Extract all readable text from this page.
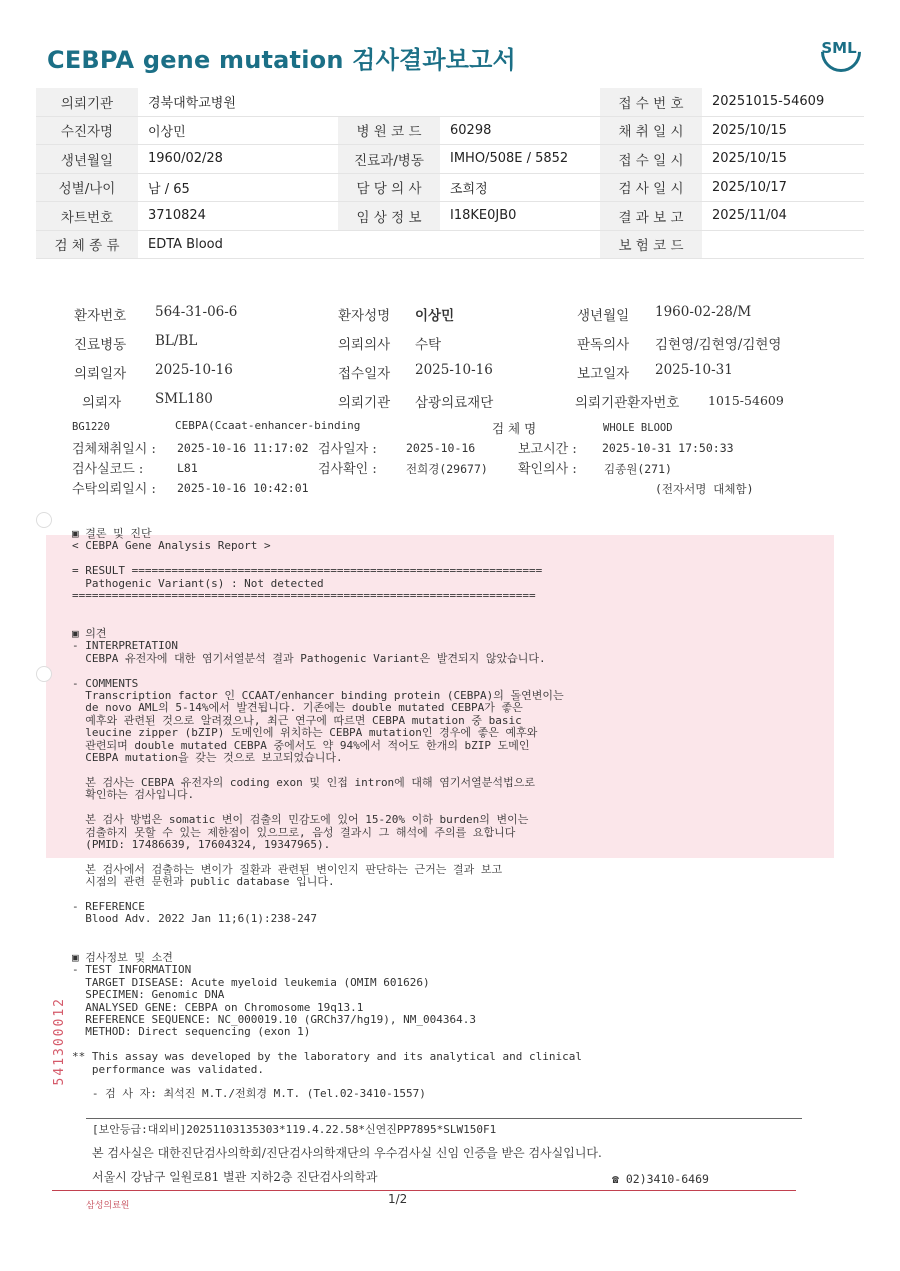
CEBPA gene mutation 검사결과보고서	SML
의뢰기관	경북대학교병원			접 수 번 호	20251015-54609
수진자명	이상민	병 원 코 드	60298	채 취 일 시	2025/10/15
생년월일	1960/02/28	진료과/병동	IMHO/508E / 5852	접 수 일 시	2025/10/15
성별/나이	남 / 65	담 당 의 사	조희정	검 사 일 시	2025/10/17
차트번호	3710824	임 상 정 보	I18KE0JB0	결 과 보 고	2025/11/04
검 체 종 류	EDTA Blood			보 험 코 드	
환자번호 564-31-06-6	환자성명 이상민	생년월일 1960-02-28/M
진료병동 BL/BL	의뢰의사 수탁	판독의사 김현영/김현영/김현영
의뢰일자 2025-10-16	접수일자 2025-10-16	보고일자 2025-10-31
의뢰자	SML180	의뢰기관 삼광의료재단	의뢰기관환자번호 1015-54609
BG1220	CEBPA(Ccaat-enhancer-binding	검 체 명	WHOLE BLOOD
검체채취일시 : 2025-10-16 11:17:02 검사일자 :	2025-10-16	보고시간 : 2025-10-31 17:50:33
검사실코드 :	L81	검사확인 :	전희경(29677) 확인의사 : 김종원(271)
수탁의뢰일시 : 2025-10-16 10:42:01	(전자서명 대체함)
▣ 결론 및 진단
< CEBPA Gene Analysis Report >

= RESULT ==============================================================
Pathogenic Variant(s) : Not detected
======================================================================
▣ 의견
- INTERPRETATION
CEBPA 유전자에 대한 염기서열분석 결과 Pathogenic Variant은 발견되지 않았습니다.

- COMMENTS
Transcription factor 인 CCAAT/enhancer binding protein (CEBPA)의 돌연변이는
de novo AML의 5-14%에서 발견됩니다. 기존에는 double mutated CEBPA가 좋은
예후와 관련된 것으로 알려졌으나, 최근 연구에 따르면 CEBPA mutation 중 basic
leucine zipper (bZIP) 도메인에 위치하는 CEBPA mutation인 경우에 좋은 예후와
관련되며 double mutated CEBPA 중에서도 약 94%에서 적어도 한개의 bZIP 도메인
CEBPA mutation을 갖는 것으로 보고되었습니다.

본 검사는 CEBPA 유전자의 coding exon 및 인접 intron에 대해 염기서열분석법으로
확인하는 검사입니다.

본 검사 방법은 somatic 변이 검출의 민감도에 있어 15-20% 이하 burden의 변이는
검출하지 못할 수 있는 제한점이 있으므로, 음성 결과시 그 해석에 주의를 요합니다
(PMID: 17486639, 17604324, 19347965).

본 검사에서 검출하는 변이가 질환과 관련된 변이인지 판단하는 근거는 결과 보고
시점의 관련 문헌과 public database 입니다.

- REFERENCE
Blood Adv. 2022 Jan 11;6(1):238-247
▣ 검사정보 및 소견
- TEST INFORMATION
TARGET DISEASE: Acute myeloid leukemia (OMIM 601626)
SPECIMEN: Genomic DNA
ANALYSED GENE: CEBPA on Chromosome 19q13.1
REFERENCE SEQUENCE: NC_000019.10 (GRCh37/hg19), NM_004364.3
METHOD: Direct sequencing (exon 1)

** This assay was developed by the laboratory and its analytical and clinical
performance was validated.

- 검 사 자: 최석진 M.T./전희경 M.T. (Tel.02-3410-1557)
541300012
[보안등급:대외비]20251103135303*119.4.22.58*신연진PP7895*SLW150F1
본 검사실은 대한진단검사의학회/진단검사의학재단의 우수검사실 신임 인증을 받은 검사실입니다.
서울시 강남구 일원로81 별관 지하2층 진단검사의학과	☎ 02)3410-6469
1/2
삼성의료원
